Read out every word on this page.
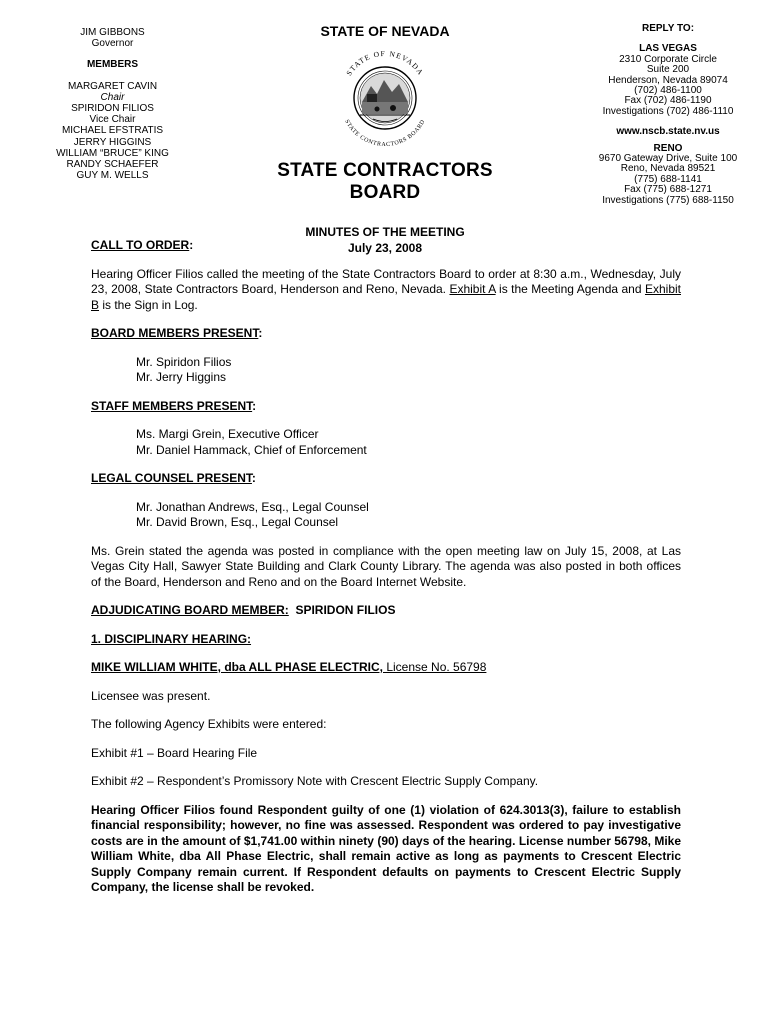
JIM GIBBONS
Governor
MEMBERS
MARGARET CAVIN
Chair
SPIRIDON FILIOS
Vice Chair
MICHAEL EFSTRATIS
JERRY HIGGINS
WILLIAM “BRUCE” KING
RANDY SCHAEFER
GUY M. WELLS
STATE OF NEVADA
STATE OF NEVADA
STATE CONTRACTORS BOARD
STATE CONTRACTORS BOARD
MINUTES OF THE MEETING
July 23, 2008
REPLY TO:
LAS VEGAS
2310 Corporate Circle
Suite 200
Henderson, Nevada 89074
(702) 486-1100
Fax (702) 486-1190
Investigations (702) 486-1110
www.nscb.state.nv.us
RENO
9670 Gateway Drive, Suite 100
Reno, Nevada 89521
(775) 688-1141
Fax (775) 688-1271
Investigations (775) 688-1150

CALL TO ORDER:

Hearing Officer Filios called the meeting of the State Contractors Board to order at 8:30 a.m., Wednesday, July 23, 2008, State Contractors Board, Henderson and Reno, Nevada. Exhibit A is the Meeting Agenda and Exhibit B is the Sign in Log.

BOARD MEMBERS PRESENT:

Mr. Spiridon Filios
Mr. Jerry Higgins

STAFF MEMBERS PRESENT:

Ms. Margi Grein, Executive Officer
Mr. Daniel Hammack, Chief of Enforcement

LEGAL COUNSEL PRESENT:

Mr. Jonathan Andrews, Esq., Legal Counsel
Mr. David Brown, Esq., Legal Counsel

Ms. Grein stated the agenda was posted in compliance with the open meeting law on July 15, 2008, at Las Vegas City Hall, Sawyer State Building and Clark County Library. The agenda was also posted in both offices of the Board, Henderson and Reno and on the Board Internet Website.

ADJUDICATING BOARD MEMBER:  SPIRIDON FILIOS

1. DISCIPLINARY HEARING:

MIKE WILLIAM WHITE, dba ALL PHASE ELECTRIC, License No. 56798

Licensee was present.

The following Agency Exhibits were entered:

Exhibit #1 – Board Hearing File

Exhibit #2 – Respondent’s Promissory Note with Crescent Electric Supply Company.

Hearing Officer Filios found Respondent guilty of one (1) violation of 624.3013(3), failure to establish financial responsibility; however, no fine was assessed. Respondent was ordered to pay investigative costs are in the amount of $1,741.00 within ninety (90) days of the hearing. License number 56798, Mike William White, dba All Phase Electric, shall remain active as long as payments to Crescent Electric Supply Company remain current. If Respondent defaults on payments to Crescent Electric Supply Company, the license shall be revoked.
